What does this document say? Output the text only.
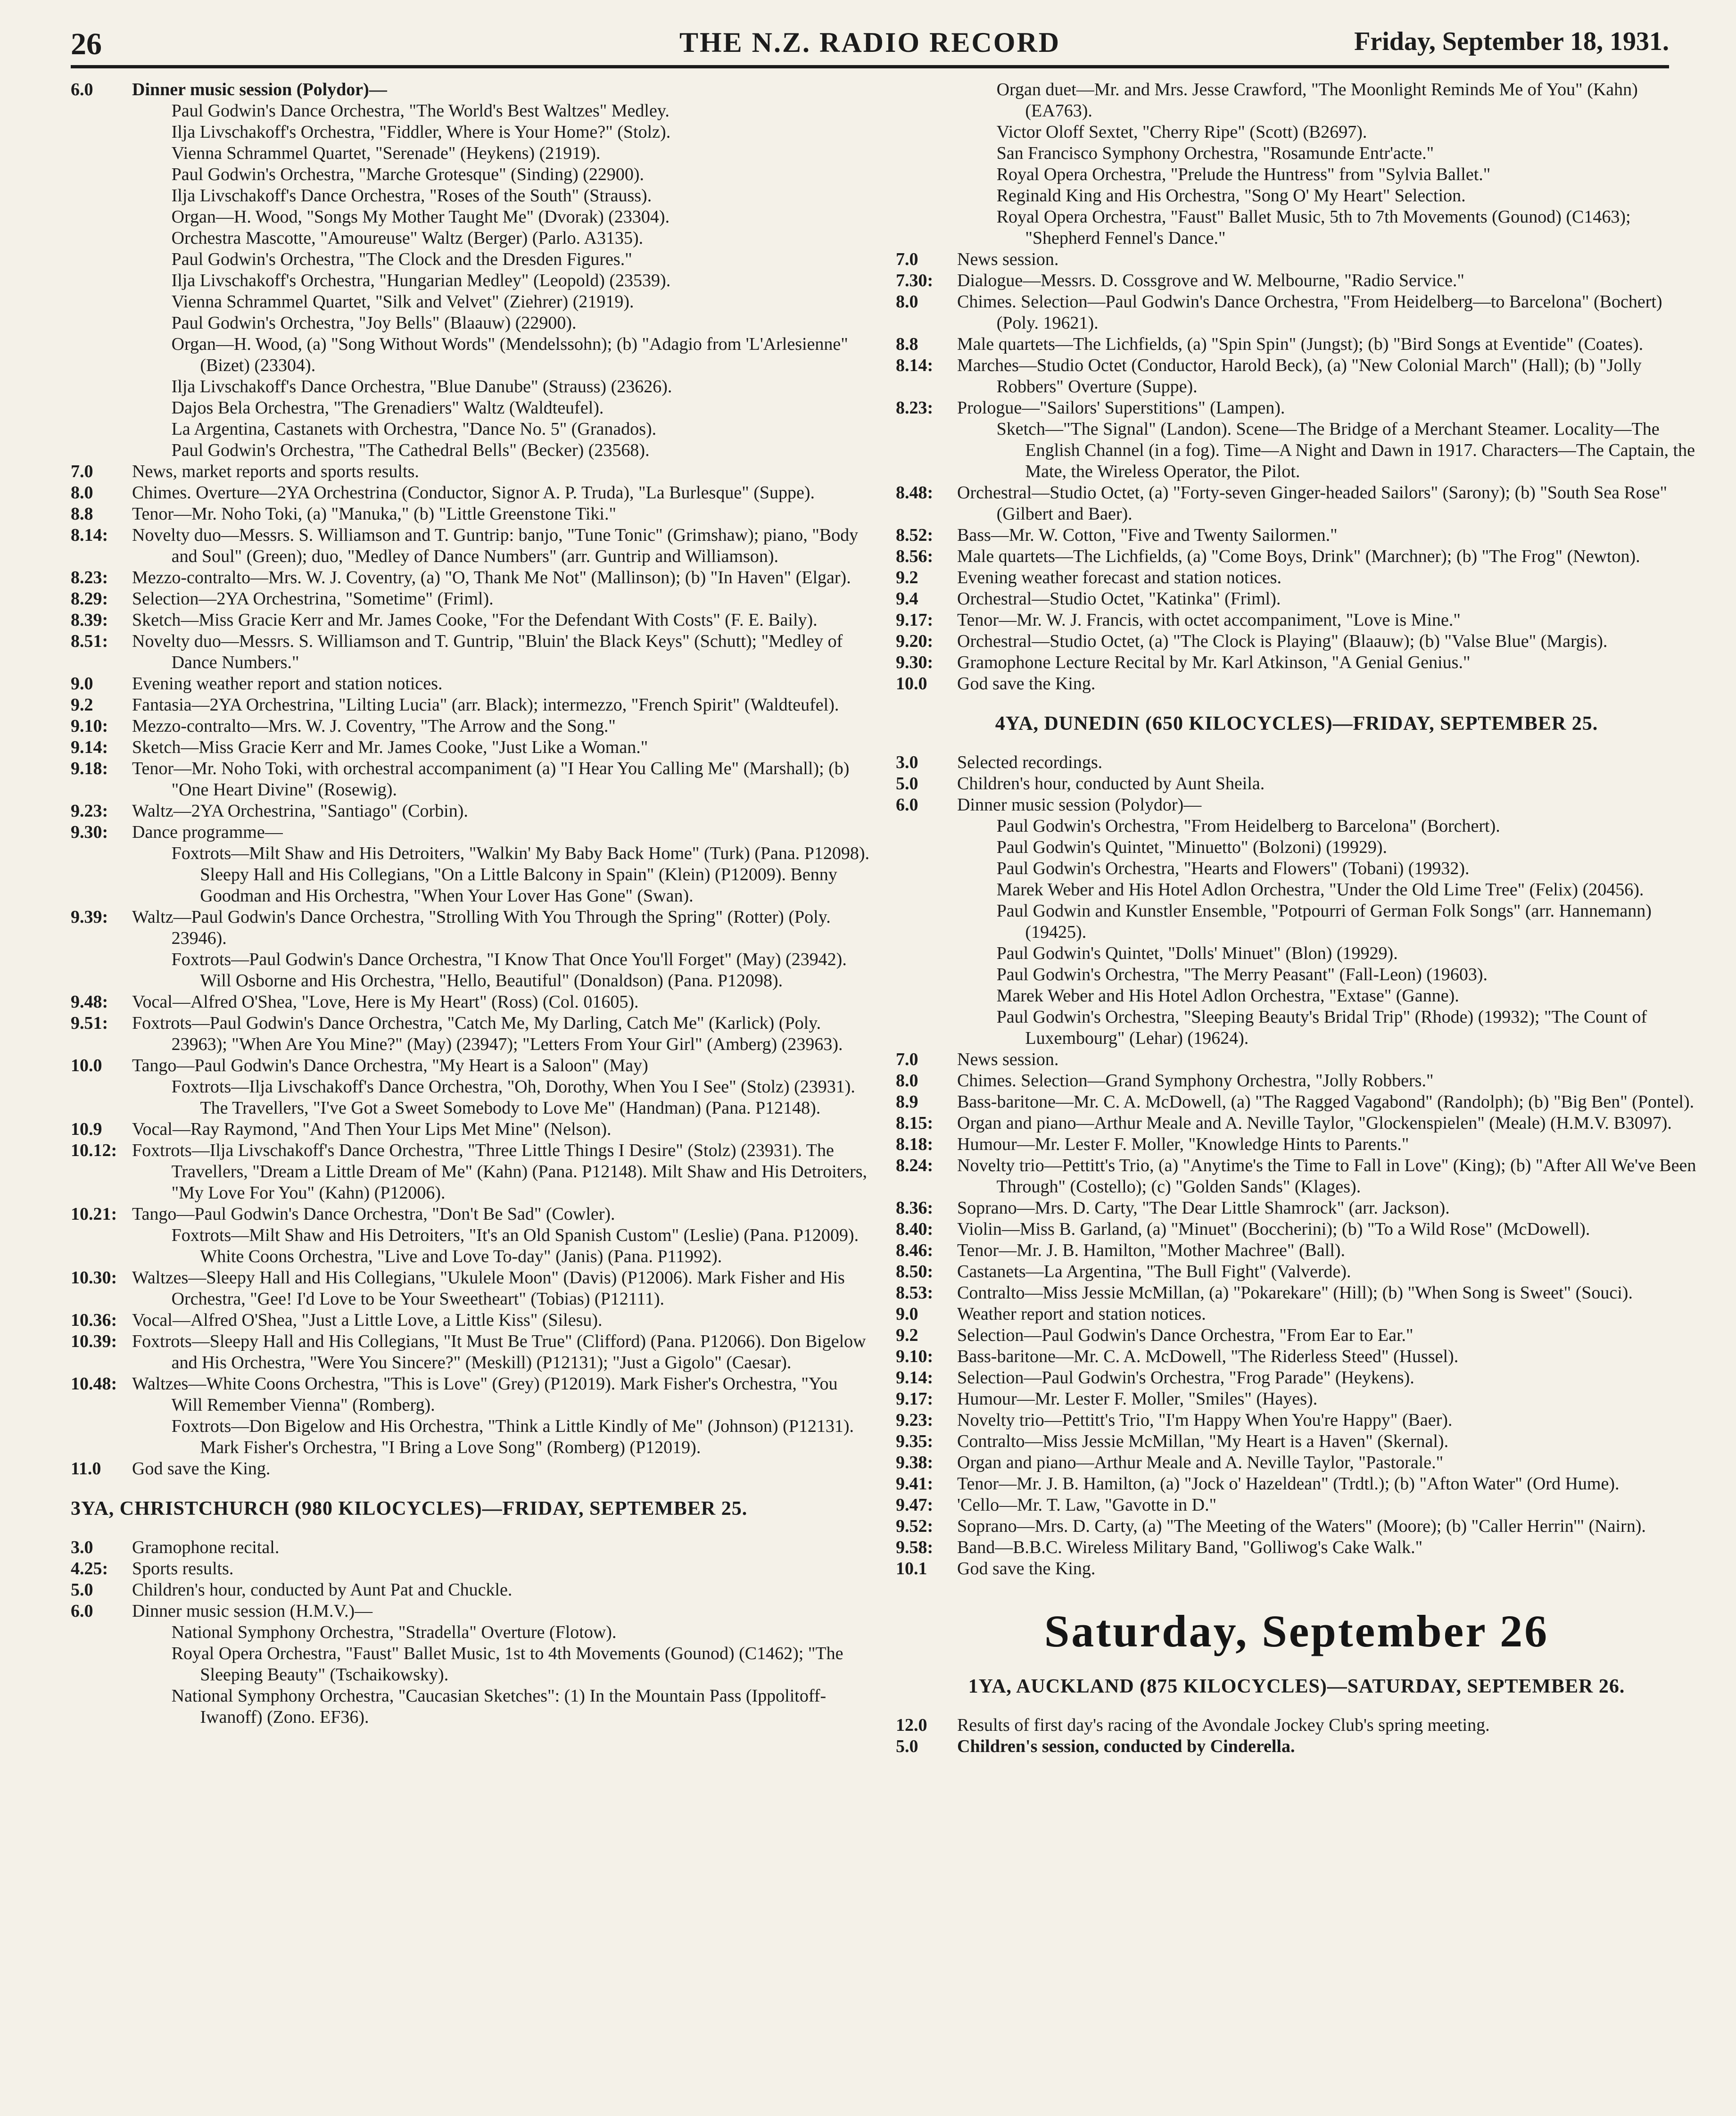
26	THE N.Z. RADIO RECORD	Friday, September 18, 1931.
6.0	Dinner music session (Polydor)—
Paul Godwin's Dance Orchestra, "The World's Best Waltzes" Medley.
Ilja Livschakoff's Orchestra, "Fiddler, Where is Your Home?" (Stolz).
Vienna Schrammel Quartet, "Serenade" (Heykens) (21919).
Paul Godwin's Orchestra, "Marche Grotesque" (Sinding) (22900).
Ilja Livschakoff's Dance Orchestra, "Roses of the South" (Strauss).
Organ—H. Wood, "Songs My Mother Taught Me" (Dvorak) (23304).
Orchestra Mascotte, "Amoureuse" Waltz (Berger) (Parlo. A3135).
Paul Godwin's Orchestra, "The Clock and the Dresden Figures."
Ilja Livschakoff's Orchestra, "Hungarian Medley" (Leopold) (23539).
Vienna Schrammel Quartet, "Silk and Velvet" (Ziehrer) (21919).
Paul Godwin's Orchestra, "Joy Bells" (Blaauw) (22900).
Organ—H. Wood, (a) "Song Without Words" (Mendelssohn); (b) "Adagio from 'L'Arlesienne" (Bizet) (23304).
Ilja Livschakoff's Dance Orchestra, "Blue Danube" (Strauss) (23626).
Dajos Bela Orchestra, "The Grenadiers" Waltz (Waldteufel).
La Argentina, Castanets with Orchestra, "Dance No. 5" (Granados).
Paul Godwin's Orchestra, "The Cathedral Bells" (Becker) (23568).
7.0	News, market reports and sports results.
8.0	Chimes. Overture—2YA Orchestrina (Conductor, Signor A. P. Truda), "La Burlesque" (Suppe).
8.8	Tenor—Mr. Noho Toki, (a) "Manuka," (b) "Little Greenstone Tiki."
8.14:	Novelty duo—Messrs. S. Williamson and T. Guntrip: banjo, "Tune Tonic" (Grimshaw); piano, "Body and Soul" (Green); duo, "Medley of Dance Numbers" (arr. Guntrip and Williamson).
8.23:	Mezzo-contralto—Mrs. W. J. Coventry, (a) "O, Thank Me Not" (Mallinson); (b) "In Haven" (Elgar).
8.29:	Selection—2YA Orchestrina, "Sometime" (Friml).
8.39:	Sketch—Miss Gracie Kerr and Mr. James Cooke, "For the Defendant With Costs" (F. E. Baily).
8.51:	Novelty duo—Messrs. S. Williamson and T. Guntrip, "Bluin' the Black Keys" (Schutt); "Medley of Dance Numbers."
9.0	Evening weather report and station notices.
9.2	Fantasia—2YA Orchestrina, "Lilting Lucia" (arr. Black); intermezzo, "French Spirit" (Waldteufel).
9.10:	Mezzo-contralto—Mrs. W. J. Coventry, "The Arrow and the Song."
9.14:	Sketch—Miss Gracie Kerr and Mr. James Cooke, "Just Like a Woman."
9.18:	Tenor—Mr. Noho Toki, with orchestral accompaniment (a) "I Hear You Calling Me" (Marshall); (b) "One Heart Divine" (Rosewig).
9.23:	Waltz—2YA Orchestrina, "Santiago" (Corbin).
9.30:	Dance programme—
Foxtrots—Milt Shaw and His Detroiters, "Walkin' My Baby Back Home" (Turk) (Pana. P12098). Sleepy Hall and His Collegians, "On a Little Balcony in Spain" (Klein) (P12009). Benny Goodman and His Orchestra, "When Your Lover Has Gone" (Swan).
9.39:	Waltz—Paul Godwin's Dance Orchestra, "Strolling With You Through the Spring" (Rotter) (Poly. 23946).
Foxtrots—Paul Godwin's Dance Orchestra, "I Know That Once You'll Forget" (May) (23942). Will Osborne and His Orchestra, "Hello, Beautiful" (Donaldson) (Pana. P12098).
9.48:	Vocal—Alfred O'Shea, "Love, Here is My Heart" (Ross) (Col. 01605).
9.51:	Foxtrots—Paul Godwin's Dance Orchestra, "Catch Me, My Darling, Catch Me" (Karlick) (Poly. 23963); "When Are You Mine?" (May) (23947); "Letters From Your Girl" (Amberg) (23963).
10.0	Tango—Paul Godwin's Dance Orchestra, "My Heart is a Saloon" (May)
Foxtrots—Ilja Livschakoff's Dance Orchestra, "Oh, Dorothy, When You I See" (Stolz) (23931). The Travellers, "I've Got a Sweet Somebody to Love Me" (Handman) (Pana. P12148).
10.9	Vocal—Ray Raymond, "And Then Your Lips Met Mine" (Nelson).
10.12: Foxtrots—Ilja Livschakoff's Dance Orchestra, "Three Little Things I Desire" (Stolz) (23931). The Travellers, "Dream a Little Dream of Me" (Kahn) (Pana. P12148). Milt Shaw and His Detroiters, "My Love For You" (Kahn) (P12006).
10.21: Tango—Paul Godwin's Dance Orchestra, "Don't Be Sad" (Cowler).
Foxtrots—Milt Shaw and His Detroiters, "It's an Old Spanish Custom" (Leslie) (Pana. P12009). White Coons Orchestra, "Live and Love To-day" (Janis) (Pana. P11992).
10.30: Waltzes—Sleepy Hall and His Collegians, "Ukulele Moon" (Davis) (P12006). Mark Fisher and His Orchestra, "Gee! I'd Love to be Your Sweetheart" (Tobias) (P12111).
10.36: Vocal—Alfred O'Shea, "Just a Little Love, a Little Kiss" (Silesu).
10.39: Foxtrots—Sleepy Hall and His Collegians, "It Must Be True" (Clifford) (Pana. P12066). Don Bigelow and His Orchestra, "Were You Sincere?" (Meskill) (P12131); "Just a Gigolo" (Caesar).
10.48: Waltzes—White Coons Orchestra, "This is Love" (Grey) (P12019). Mark Fisher's Orchestra, "You Will Remember Vienna" (Romberg).
Foxtrots—Don Bigelow and His Orchestra, "Think a Little Kindly of Me" (Johnson) (P12131). Mark Fisher's Orchestra, "I Bring a Love Song" (Romberg) (P12019).
11.0	God save the King.
3YA, CHRISTCHURCH (980 KILOCYCLES)—FRIDAY, SEPTEMBER 25.
3.0	Gramophone recital.
4.25:	Sports results.
5.0	Children's hour, conducted by Aunt Pat and Chuckle.
6.0	Dinner music session (H.M.V.)—
National Symphony Orchestra, "Stradella" Overture (Flotow).
Royal Opera Orchestra, "Faust" Ballet Music, 1st to 4th Movements (Gounod) (C1462); "The Sleeping Beauty" (Tschaikowsky).
National Symphony Orchestra, "Caucasian Sketches": (1) In the Mountain Pass (Ippolitoff-Iwanoff) (Zono. EF36).
Organ duet—Mr. and Mrs. Jesse Crawford, "The Moonlight Reminds Me of You" (Kahn) (EA763).
Victor Oloff Sextet, "Cherry Ripe" (Scott) (B2697).
San Francisco Symphony Orchestra, "Rosamunde Entr'acte."
Royal Opera Orchestra, "Prelude the Huntress" from "Sylvia Ballet."
Reginald King and His Orchestra, "Song O' My Heart" Selection.
Royal Opera Orchestra, "Faust" Ballet Music, 5th to 7th Movements (Gounod) (C1463); "Shepherd Fennel's Dance."
7.0	News session.
7.30:	Dialogue—Messrs. D. Cossgrove and W. Melbourne, "Radio Service."
8.0	Chimes. Selection—Paul Godwin's Dance Orchestra, "From Heidelberg—to Barcelona" (Bochert) (Poly. 19621).
8.8	Male quartets—The Lichfields, (a) "Spin Spin" (Jungst); (b) "Bird Songs at Eventide" (Coates).
8.14:	Marches—Studio Octet (Conductor, Harold Beck), (a) "New Colonial March" (Hall); (b) "Jolly Robbers" Overture (Suppe).
8.23:	Prologue—"Sailors' Superstitions" (Lampen).
Sketch—"The Signal" (Landon). Scene—The Bridge of a Merchant Steamer. Locality—The English Channel (in a fog). Time—A Night and Dawn in 1917. Characters—The Captain, the Mate, the Wireless Operator, the Pilot.
8.48:	Orchestral—Studio Octet, (a) "Forty-seven Ginger-headed Sailors" (Sarony); (b) "South Sea Rose" (Gilbert and Baer).
8.52:	Bass—Mr. W. Cotton, "Five and Twenty Sailormen."
8.56:	Male quartets—The Lichfields, (a) "Come Boys, Drink" (Marchner); (b) "The Frog" (Newton).
9.2	Evening weather forecast and station notices.
9.4	Orchestral—Studio Octet, "Katinka" (Friml).
9.17:	Tenor—Mr. W. J. Francis, with octet accompaniment, "Love is Mine."
9.20:	Orchestral—Studio Octet, (a) "The Clock is Playing" (Blaauw); (b) "Valse Blue" (Margis).
9.30:	Gramophone Lecture Recital by Mr. Karl Atkinson, "A Genial Genius."
10.0	God save the King.
4YA, DUNEDIN (650 KILOCYCLES)—FRIDAY, SEPTEMBER 25.
3.0	Selected recordings.
5.0	Children's hour, conducted by Aunt Sheila.
6.0	Dinner music session (Polydor)—
Paul Godwin's Orchestra, "From Heidelberg to Barcelona" (Borchert).
Paul Godwin's Quintet, "Minuetto" (Bolzoni) (19929).
Paul Godwin's Orchestra, "Hearts and Flowers" (Tobani) (19932).
Marek Weber and His Hotel Adlon Orchestra, "Under the Old Lime Tree" (Felix) (20456).
Paul Godwin and Kunstler Ensemble, "Potpourri of German Folk Songs" (arr. Hannemann) (19425).
Paul Godwin's Quintet, "Dolls' Minuet" (Blon) (19929).
Paul Godwin's Orchestra, "The Merry Peasant" (Fall-Leon) (19603).
Marek Weber and His Hotel Adlon Orchestra, "Extase" (Ganne).
Paul Godwin's Orchestra, "Sleeping Beauty's Bridal Trip" (Rhode) (19932); "The Count of Luxembourg" (Lehar) (19624).
7.0	News session.
8.0	Chimes. Selection—Grand Symphony Orchestra, "Jolly Robbers."
8.9	Bass-baritone—Mr. C. A. McDowell, (a) "The Ragged Vagabond" (Randolph); (b) "Big Ben" (Pontel).
8.15:	Organ and piano—Arthur Meale and A. Neville Taylor, "Glockenspielen" (Meale) (H.M.V. B3097).
8.18:	Humour—Mr. Lester F. Moller, "Knowledge Hints to Parents."
8.24:	Novelty trio—Pettitt's Trio, (a) "Anytime's the Time to Fall in Love" (King); (b) "After All We've Been Through" (Costello); (c) "Golden Sands" (Klages).
8.36:	Soprano—Mrs. D. Carty, "The Dear Little Shamrock" (arr. Jackson).
8.40:	Violin—Miss B. Garland, (a) "Minuet" (Boccherini); (b) "To a Wild Rose" (McDowell).
8.46:	Tenor—Mr. J. B. Hamilton, "Mother Machree" (Ball).
8.50:	Castanets—La Argentina, "The Bull Fight" (Valverde).
8.53:	Contralto—Miss Jessie McMillan, (a) "Pokarekare" (Hill); (b) "When Song is Sweet" (Souci).
9.0	Weather report and station notices.
9.2	Selection—Paul Godwin's Dance Orchestra, "From Ear to Ear."
9.10:	Bass-baritone—Mr. C. A. McDowell, "The Riderless Steed" (Hussel).
9.14:	Selection—Paul Godwin's Orchestra, "Frog Parade" (Heykens).
9.17:	Humour—Mr. Lester F. Moller, "Smiles" (Hayes).
9.23:	Novelty trio—Pettitt's Trio, "I'm Happy When You're Happy" (Baer).
9.35:	Contralto—Miss Jessie McMillan, "My Heart is a Haven" (Skernal).
9.38:	Organ and piano—Arthur Meale and A. Neville Taylor, "Pastorale."
9.41:	Tenor—Mr. J. B. Hamilton, (a) "Jock o' Hazeldean" (Trdtl.); (b) "Afton Water" (Ord Hume).
9.47:	'Cello—Mr. T. Law, "Gavotte in D."
9.52:	Soprano—Mrs. D. Carty, (a) "The Meeting of the Waters" (Moore); (b) "Caller Herrin'" (Nairn).
9.58:	Band—B.B.C. Wireless Military Band, "Golliwog's Cake Walk."
10.1	God save the King.
Saturday, September 26
1YA, AUCKLAND (875 KILOCYCLES)—SATURDAY, SEPTEMBER 26.
12.0	Results of first day's racing of the Avondale Jockey Club's spring meeting.
5.0	Children's session, conducted by Cinderella.
